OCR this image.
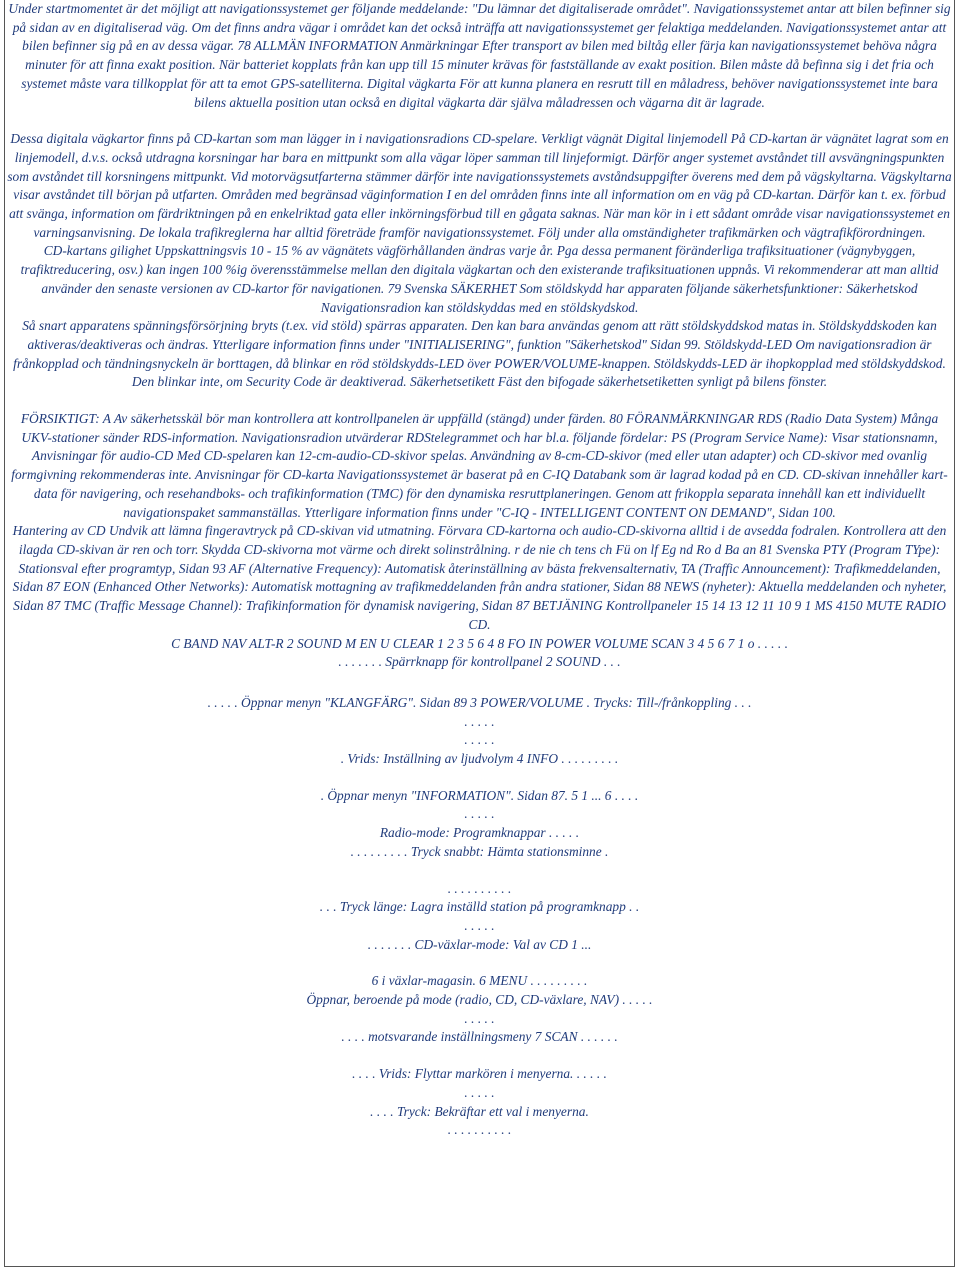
Under startmomentet är det möjligt att navigationssystemet ger följande meddelande: "Du lämnar det digitaliserade området". Navigationssystemet antar att bilen befinner sig på sidan av en digitaliserad väg. Om det finns andra vägar i området kan det också inträffa att navigationssystemet ger felaktiga meddelanden. Navigationssystemet antar att bilen befinner sig på en av dessa vägar. 78 ALLMÄN INFORMATION Anmärkningar Efter transport av bilen med biltåg eller färja kan navigationssystemet behöva några minuter för att finna exakt position. När batteriet kopplats från kan upp till 15 minuter krävas för fastställande av exakt position. Bilen måste då befinna sig i det fria och systemet måste vara tillkopplat för att ta emot GPS-satelliterna. Digital vägkarta För att kunna planera en resrutt till en måladress, behöver navigationssystemet inte bara bilens aktuella position utan också en digital vägkarta där själva måladressen och vägarna dit är lagrade.

Dessa digitala vägkartor finns på CD-kartan som man lägger in i navigationsradions CD-spelare. Verkligt vägnät Digital linjemodell På CD-kartan är vägnätet lagrat som en linjemodell, d.v.s. också utdragna korsningar har bara en mittpunkt som alla vägar löper samman till linjeformigt. Därför anger systemet avståndet till avsvängningspunkten som avståndet till korsningens mittpunkt. Vid motorvägsutfarterna stämmer därför inte navigationssystemets avståndsuppgifter överens med dem på vägskyltarna. Vägskyltarna visar avståndet till början på utfarten. Områden med begränsad väginformation I en del områden finns inte all information om en väg på CD-kartan. Därför kan t. ex. förbud att svänga, information om färdriktningen på en enkelriktad gata eller inkörningsförbud till en gågata saknas. När man kör in i ett sådant område visar navigationssystemet en varningsanvisning. De lokala trafikreglerna har alltid företräde framför navigationssystemet. Följ under alla omständigheter trafikmärken och vägtrafikförordningen.

CD-kartans gilighet Uppskattningsvis 10 - 15 % av vägnätets vägförhållanden ändras varje år. Pga dessa permanent föränderliga trafiksituationer (vägnybyggen, trafiktreducering, osv.) kan ingen 100 %ig överensstämmelse mellan den digitala vägkartan och den existerande trafiksituationen uppnås. Vi rekommenderar att man alltid använder den senaste versionen av CD-kartor för navigationen. 79 Svenska SÄKERHET Som stöldskydd har apparaten följande säkerhetsfunktioner: Säkerhetskod Navigationsradion kan stöldskyddas med en stöldskydskod.

Så snart apparatens spänningsförsörjning bryts (t.ex. vid stöld) spärras apparaten. Den kan bara användas genom att rätt stöldskyddskod matas in. Stöldskyddskoden kan aktiveras/deaktiveras och ändras. Ytterligare information finns under "INITIALISERING", funktion "Säkerhetskod" Sidan 99. Stöldskydd-LED Om navigationsradion är frånkopplad och tändningsnyckeln är borttagen, då blinkar en röd stöldskydds-LED över POWER/VOLUME-knappen. Stöldskydds-LED är ihopkopplad med stöldskyddskod. Den blinkar inte, om Security Code är deaktiverad. Säkerhetsetikett Fäst den bifogade säkerhetsetiketten synligt på bilens fönster.

FÖRSIKTIGT: A Av säkerhetsskäl bör man kontrollera att kontrollpanelen är uppfälld (stängd) under färden. 80 FÖRANMÄRKNINGAR RDS (Radio Data System) Många UKV-stationer sänder RDS-information. Navigationsradion utvärderar RDStelegrammet och har bl.a. följande fördelar: PS (Program Service Name): Visar stationsnamn, Anvisningar för audio-CD Med CD-spelaren kan 12-cm-audio-CD-skivor spelas. Användning av 8-cm-CD-skivor (med eller utan adapter) och CD-skivor med ovanlig formgivning rekommenderas inte. Anvisningar för CD-karta Navigationssystemet är baserat på en C-IQ Databank som är lagrad kodad på en CD. CD-skivan innehåller kart-data för navigering, och resehandboks- och trafikinformation (TMC) för den dynamiska resruttplaneringen. Genom att frikoppla separata innehåll kan ett individuellt navigationspaket sammanställas. Ytterligare information finns under "C-IQ - INTELLIGENT CONTENT ON DEMAND", Sidan 100.

Hantering av CD Undvik att lämna fingeravtryck på CD-skivan vid utmatning. Förvara CD-kartorna och audio-CD-skivorna alltid i de avsedda fodralen. Kontrollera att den ilagda CD-skivan är ren och torr. Skydda CD-skivorna mot värme och direkt solinstrålning. r de nie ch tens ch Fü on lf Eg nd Ro d Ba an 81 Svenska PTY (Program TYpe): Stationsval efter programtyp, Sidan 93 AF (Alternative Frequency): Automatisk återinställning av bästa frekvensalternativ, TA (Traffic Announcement): Trafikmeddelanden, Sidan 87 EON (Enhanced Other Networks): Automatisk mottagning av trafikmeddelanden från andra stationer, Sidan 88 NEWS (nyheter): Aktuella meddelanden och nyheter, Sidan 87 TMC (Traffic Message Channel): Trafikinformation för dynamisk navigering, Sidan 87 BETJÄNING Kontrollpaneler 15 14 13 12 11 10 9 1 MS 4150 MUTE RADIO CD.

C BAND NAV ALT-R 2 SOUND M EN U CLEAR 1 2 3 5 6 4 8 FO IN POWER VOLUME SCAN 3 4 5 6 7 1 o . . . . .

. . . . . . . Spärrknapp för kontrollpanel 2 SOUND . . .

. . . . . Öppnar menyn "KLANGFÄRG". Sidan 89 3 POWER/VOLUME . Trycks: Till-/frånkoppling . . .

. . . . .

. . . . .

. Vrids: Inställning av ljudvolym 4 INFO . . . . . . . . .

. Öppnar menyn "INFORMATION". Sidan 87. 5 1 ... 6 . . . .

. . . . .

Radio-mode: Programknappar . . . . .

. . . . . . . . . Tryck snabbt: Hämta stationsminne .

. . . . . . . . . .

. . . Tryck länge: Lagra inställd station på programknapp . .

. . . . .

. . . . . . . CD-växlar-mode: Val av CD 1 ...

6 i växlar-magasin. 6 MENU . . . . . . . . .

Öppnar, beroende på mode (radio, CD, CD-växlare, NAV) . . . . .

. . . . .

. . . . motsvarande inställningsmeny 7 SCAN . . . . . .

. . . . Vrids: Flyttar markören i menyerna. . . . . .

. . . . .

. . . . Tryck: Bekräftar ett val i menyerna.

. . . . . . . . . .
